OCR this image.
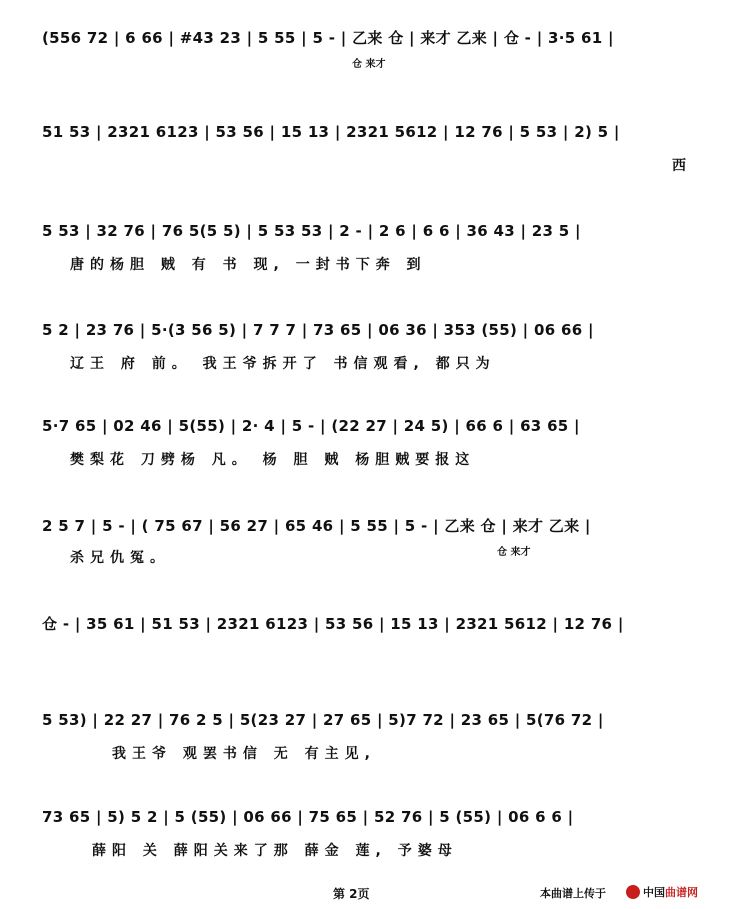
(556 72 | 6 66 | #43 23 | 5 55 | 5 - | 乙来 仓 | 来才 乙来 | 仓 - | 3·5 61 |
仓 来才
51 53 | 2321 6123 | 53 56 | 15 13 | 2321 5612 | 12 76 | 5 53 | 2) 5 |
西
5 53 | 32 76 | 76 5(5 5) | 5 53 53 | 2 - | 2 6 | 6 6 | 36 43 | 23 5 |
唐的杨胆 贼 有 书 现, 一封书下奔 到
5 2 | 23 76 | 5·(3 56 5) | 7 7 7 | 73 65 | 06 36 | 353 (55) | 06 66 |
辽王 府 前。 我王爷拆开了 书信观看, 都只为
5·7 65 | 02 46 | 5(55) | 2· 4 | 5 - | (22 27 | 24 5) | 66 6 | 63 65 |
樊梨花 刀劈杨 凡。 杨 胆 贼 杨胆贼要报这
2 5 7 | 5 - | ( 75 67 | 56 27 | 65 46 | 5 55 | 5 - | 乙来 仓 | 来才 乙来 |
杀兄仇冤。	仓 来才
仓 - | 35 61 | 51 53 | 2321 6123 | 53 56 | 15 13 | 2321 5612 | 12 76 |
5 53) | 22 27 | 76 2 5 | 5(23 27 | 27 65 | 5)7 72 | 23 65 | 5(76 72 |
我王爷 观罢书信 无 有主见,
73 65 | 5) 5 2 | 5 (55) | 06 66 | 75 65 | 52 76 | 5 (55) | 06 6 6 |
薛阳 关 薛阳关来了那 薛金 莲, 予婆母
第 2页	本曲谱上传于	中国 曲谱网
